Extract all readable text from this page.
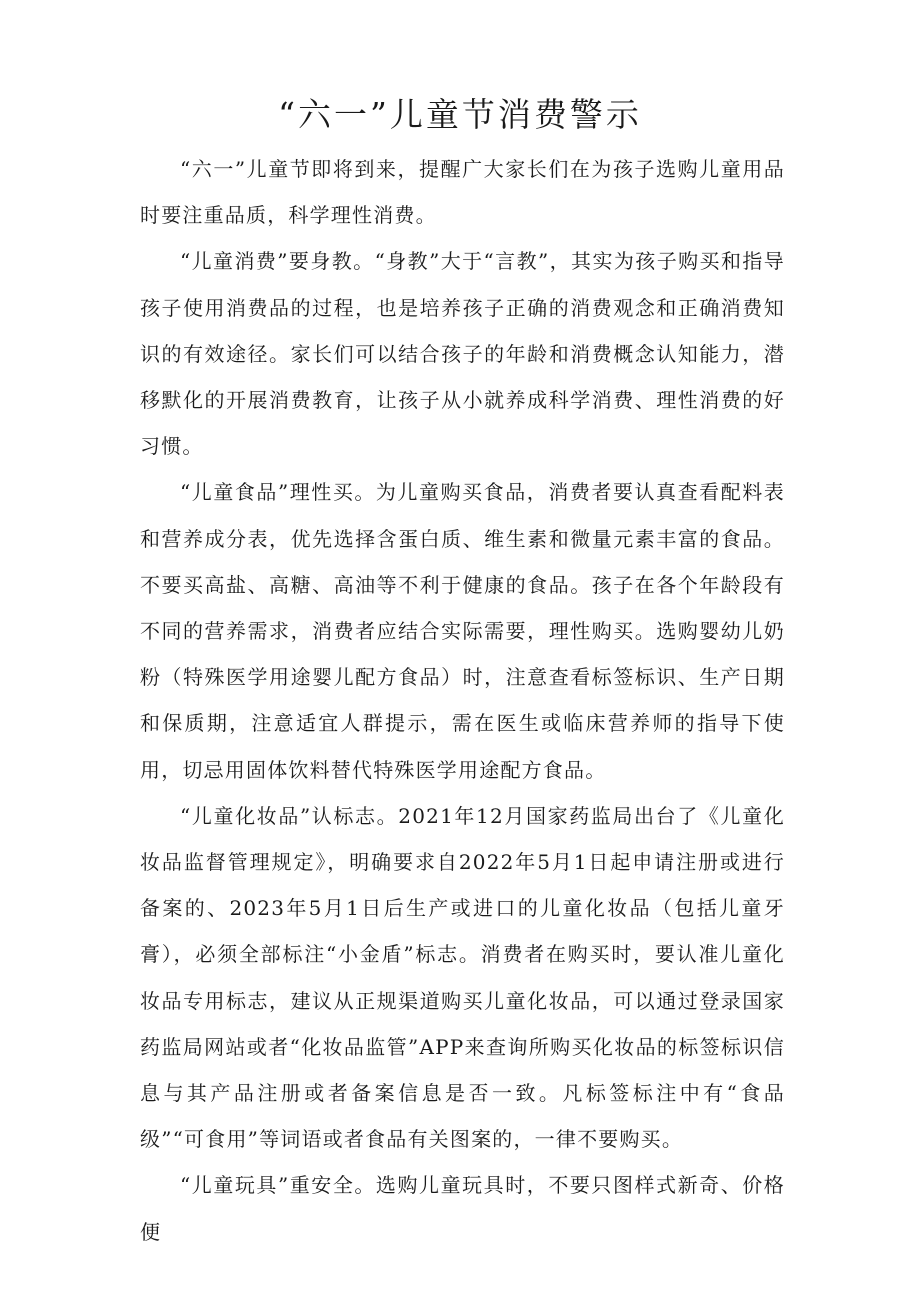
“六一”儿童节消费警示

“六一”儿童节即将到来，提醒广大家长们在为孩子选购儿童用品时要注重品质，科学理性消费。

“儿童消费”要身教。“身教”大于“言教”，其实为孩子购买和指导孩子使用消费品的过程，也是培养孩子正确的消费观念和正确消费知识的有效途径。家长们可以结合孩子的年龄和消费概念认知能力，潜移默化的开展消费教育，让孩子从小就养成科学消费、理性消费的好习惯。

“儿童食品”理性买。为儿童购买食品，消费者要认真查看配料表和营养成分表，优先选择含蛋白质、维生素和微量元素丰富的食品。不要买高盐、高糖、高油等不利于健康的食品。孩子在各个年龄段有不同的营养需求，消费者应结合实际需要，理性购买。选购婴幼儿奶粉（特殊医学用途婴儿配方食品）时，注意查看标签标识、生产日期和保质期，注意适宜人群提示，需在医生或临床营养师的指导下使用，切忌用固体饮料替代特殊医学用途配方食品。

“儿童化妆品”认标志。2021年12月国家药监局出台了《儿童化妆品监督管理规定》，明确要求自2022年5月1日起申请注册或进行备案的、2023年5月1日后生产或进口的儿童化妆品（包括儿童牙膏），必须全部标注“小金盾”标志。消费者在购买时，要认准儿童化妆品专用标志，建议从正规渠道购买儿童化妆品，可以通过登录国家药监局网站或者“化妆品监管”APP来查询所购买化妆品的标签标识信息与其产品注册或者备案信息是否一致。凡标签标注中有“食品级”“可食用”等词语或者食品有关图案的，一律不要购买。

“儿童玩具”重安全。选购儿童玩具时，不要只图样式新奇、价格便
